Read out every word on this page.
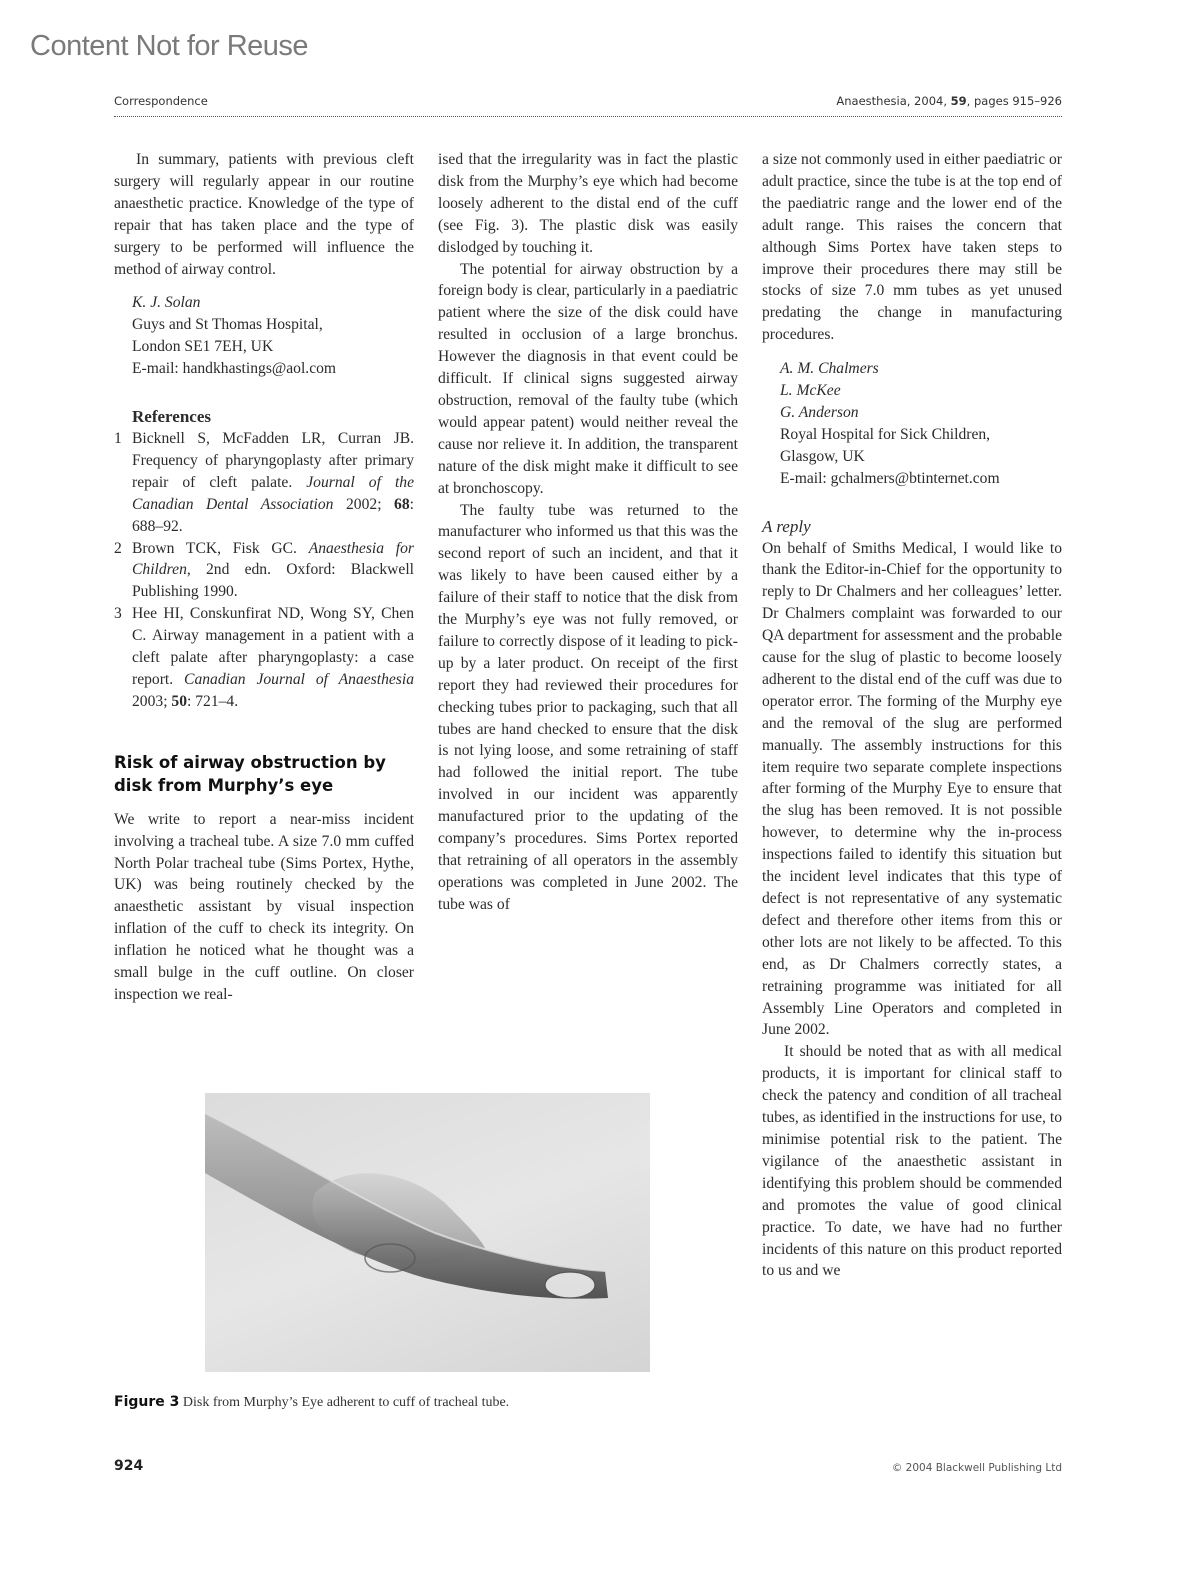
Content Not for Reuse
Correspondence	Anaesthesia, 2004, 59, pages 915–926

In summary, patients with previous cleft surgery will regularly appear in our routine anaesthetic practice. Knowledge of the type of repair that has taken place and the type of surgery to be performed will influence the method of airway control.

K. J. Solan
Guys and St Thomas Hospital,
London SE1 7EH, UK
E-mail: handkhastings@aol.com
References
1 Bicknell S, McFadden LR, Curran JB. Frequency of pharyngoplasty after primary repair of cleft palate. Journal of the Canadian Dental Association 2002; 68: 688–92.
2 Brown TCK, Fisk GC. Anaesthesia for Children, 2nd edn. Oxford: Blackwell Publishing 1990.
3 Hee HI, Conskunfirat ND, Wong SY, Chen C. Airway management in a patient with a cleft palate after pharyngoplasty: a case report. Canadian Journal of Anaesthesia 2003; 50: 721–4.
Risk of airway obstruction by disk from Murphy’s eye

We write to report a near-miss incident involving a tracheal tube. A size 7.0 mm cuffed North Polar tracheal tube (Sims Portex, Hythe, UK) was being routinely checked by the anaesthetic assistant by visual inspection inflation of the cuff to check its integrity. On inflation he noticed what he thought was a small bulge in the cuff outline. On closer inspection we real-

ised that the irregularity was in fact the plastic disk from the Murphy’s eye which had become loosely adherent to the distal end of the cuff (see Fig. 3). The plastic disk was easily dislodged by touching it.

The potential for airway obstruction by a foreign body is clear, particularly in a paediatric patient where the size of the disk could have resulted in occlusion of a large bronchus. However the diagnosis in that event could be difficult. If clinical signs suggested airway obstruction, removal of the faulty tube (which would appear patent) would neither reveal the cause nor relieve it. In addition, the transparent nature of the disk might make it difficult to see at bronchoscopy.

The faulty tube was returned to the manufacturer who informed us that this was the second report of such an incident, and that it was likely to have been caused either by a failure of their staff to notice that the disk from the Murphy’s eye was not fully removed, or failure to correctly dispose of it leading to pick-up by a later product. On receipt of the first report they had reviewed their procedures for checking tubes prior to packaging, such that all tubes are hand checked to ensure that the disk is not lying loose, and some retraining of staff had followed the initial report. The tube involved in our incident was apparently manufactured prior to the updating of the company’s procedures. Sims Portex reported that retraining of all operators in the assembly operations was completed in June 2002. The tube was of

a size not commonly used in either paediatric or adult practice, since the tube is at the top end of the paediatric range and the lower end of the adult range. This raises the concern that although Sims Portex have taken steps to improve their procedures there may still be stocks of size 7.0 mm tubes as yet unused predating the change in manufacturing procedures.

A. M. Chalmers
L. McKee
G. Anderson
Royal Hospital for Sick Children,
Glasgow, UK
E-mail: gchalmers@btinternet.com
A reply

On behalf of Smiths Medical, I would like to thank the Editor-in-Chief for the opportunity to reply to Dr Chalmers and her colleagues’ letter. Dr Chalmers complaint was forwarded to our QA department for assessment and the probable cause for the slug of plastic to become loosely adherent to the distal end of the cuff was due to operator error. The forming of the Murphy eye and the removal of the slug are performed manually. The assembly instructions for this item require two separate complete inspections after forming of the Murphy Eye to ensure that the slug has been removed. It is not possible however, to determine why the in-process inspections failed to identify this situation but the incident level indicates that this type of defect is not representative of any systematic defect and therefore other items from this or other lots are not likely to be affected. To this end, as Dr Chalmers correctly states, a retraining programme was initiated for all Assembly Line Operators and completed in June 2002.

It should be noted that as with all medical products, it is important for clinical staff to check the patency and condition of all tracheal tubes, as identified in the instructions for use, to minimise potential risk to the patient. The vigilance of the anaesthetic assistant in identifying this problem should be commended and promotes the value of good clinical practice. To date, we have had no further incidents of this nature on this product reported to us and we

Figure 3 Disk from Murphy’s Eye adherent to cuff of tracheal tube.
924	© 2004 Blackwell Publishing Ltd
